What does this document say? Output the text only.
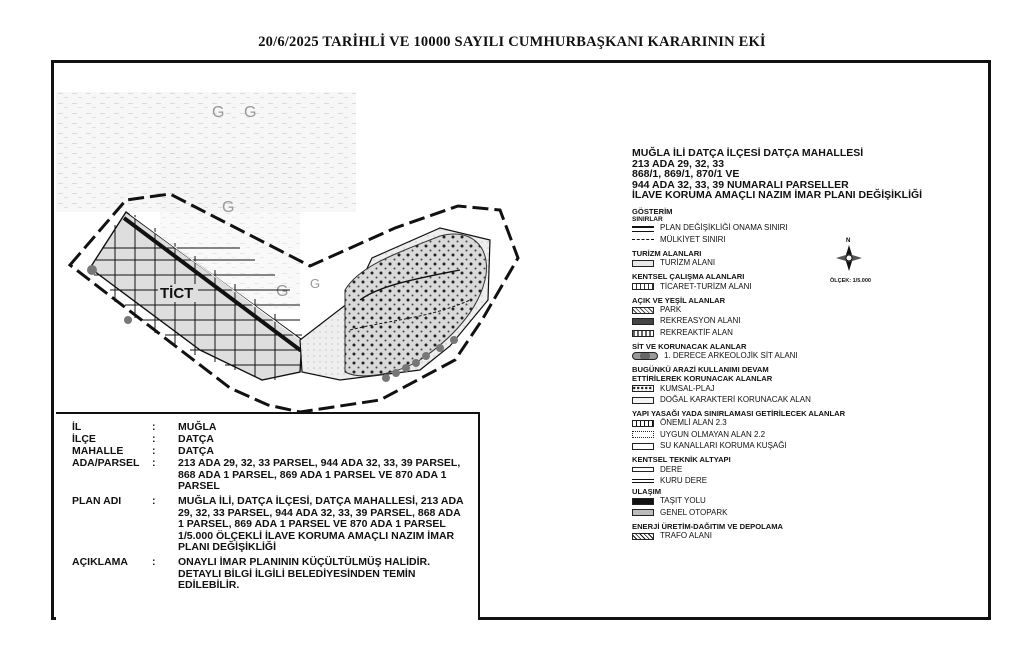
20/6/2025 TARİHLİ VE 10000 SAYILI CUMHURBAŞKANI KARARININ EKİ
G G
G
G G
TİCT
N
ÖLÇEK: 1/5.000
MUĞLA İLİ DATÇA İLÇESİ DATÇA MAHALLESİ
213 ADA 29, 32, 33
868/1, 869/1, 870/1 VE
944 ADA 32, 33, 39 NUMARALI PARSELLER
İLAVE KORUMA AMAÇLI NAZIM İMAR PLANI DEĞİŞİKLİĞİ
GÖSTERİM
SINIRLAR
PLAN DEĞİŞİKLİĞİ ONAMA SINIRI
MÜLKİYET SINIRI
TURİZM ALANLARI
TURİZM ALANI
KENTSEL ÇALIŞMA ALANLARI
TİCARET-TURİZM ALANI
AÇIK VE YEŞİL ALANLAR
PARK
REKREASYON ALANI
REKREAKTİF ALAN
SİT VE KORUNACAK ALANLAR
1. DERECE ARKEOLOJİK SİT ALANI
BUGÜNKÜ ARAZİ KULLANIMI DEVAM
ETTİRİLEREK KORUNACAK ALANLAR
KUMSAL-PLAJ
DOĞAL KARAKTERİ KORUNACAK ALAN
YAPI YASAĞI YADA SINIRLAMASI GETİRİLECEK ALANLAR
ÖNEMLİ ALAN 2.3
UYGUN OLMAYAN ALAN 2.2
SU KANALLARI KORUMA KUŞAĞI
KENTSEL TEKNİK ALTYAPI
DERE
KURU DERE
ULAŞIM
TAŞIT YOLU
GENEL OTOPARK
ENERJİ ÜRETİM-DAĞITIM VE DEPOLAMA
TRAFO ALANI
İL	:	MUĞLA
İLÇE	:	DATÇA
MAHALLE	:	DATÇA
ADA/PARSEL	:	213 ADA 29, 32, 33 PARSEL, 944 ADA 32, 33, 39 PARSEL, 868 ADA 1 PARSEL, 869 ADA 1 PARSEL VE 870 ADA 1 PARSEL
PLAN ADI	:	MUĞLA İLİ, DATÇA İLÇESİ, DATÇA MAHALLESİ, 213 ADA 29, 32, 33 PARSEL, 944 ADA 32, 33, 39 PARSEL, 868 ADA 1 PARSEL, 869 ADA 1 PARSEL VE 870 ADA 1 PARSEL 1/5.000 ÖLÇEKLİ İLAVE KORUMA AMAÇLI NAZIM İMAR PLANI DEĞİŞİKLİĞİ
AÇIKLAMA	:	ONAYLI İMAR PLANININ KÜÇÜLTÜLMÜŞ HALİDİR. DETAYLI BİLGİ İLGİLİ BELEDİYESİNDEN TEMİN EDİLEBİLİR.
